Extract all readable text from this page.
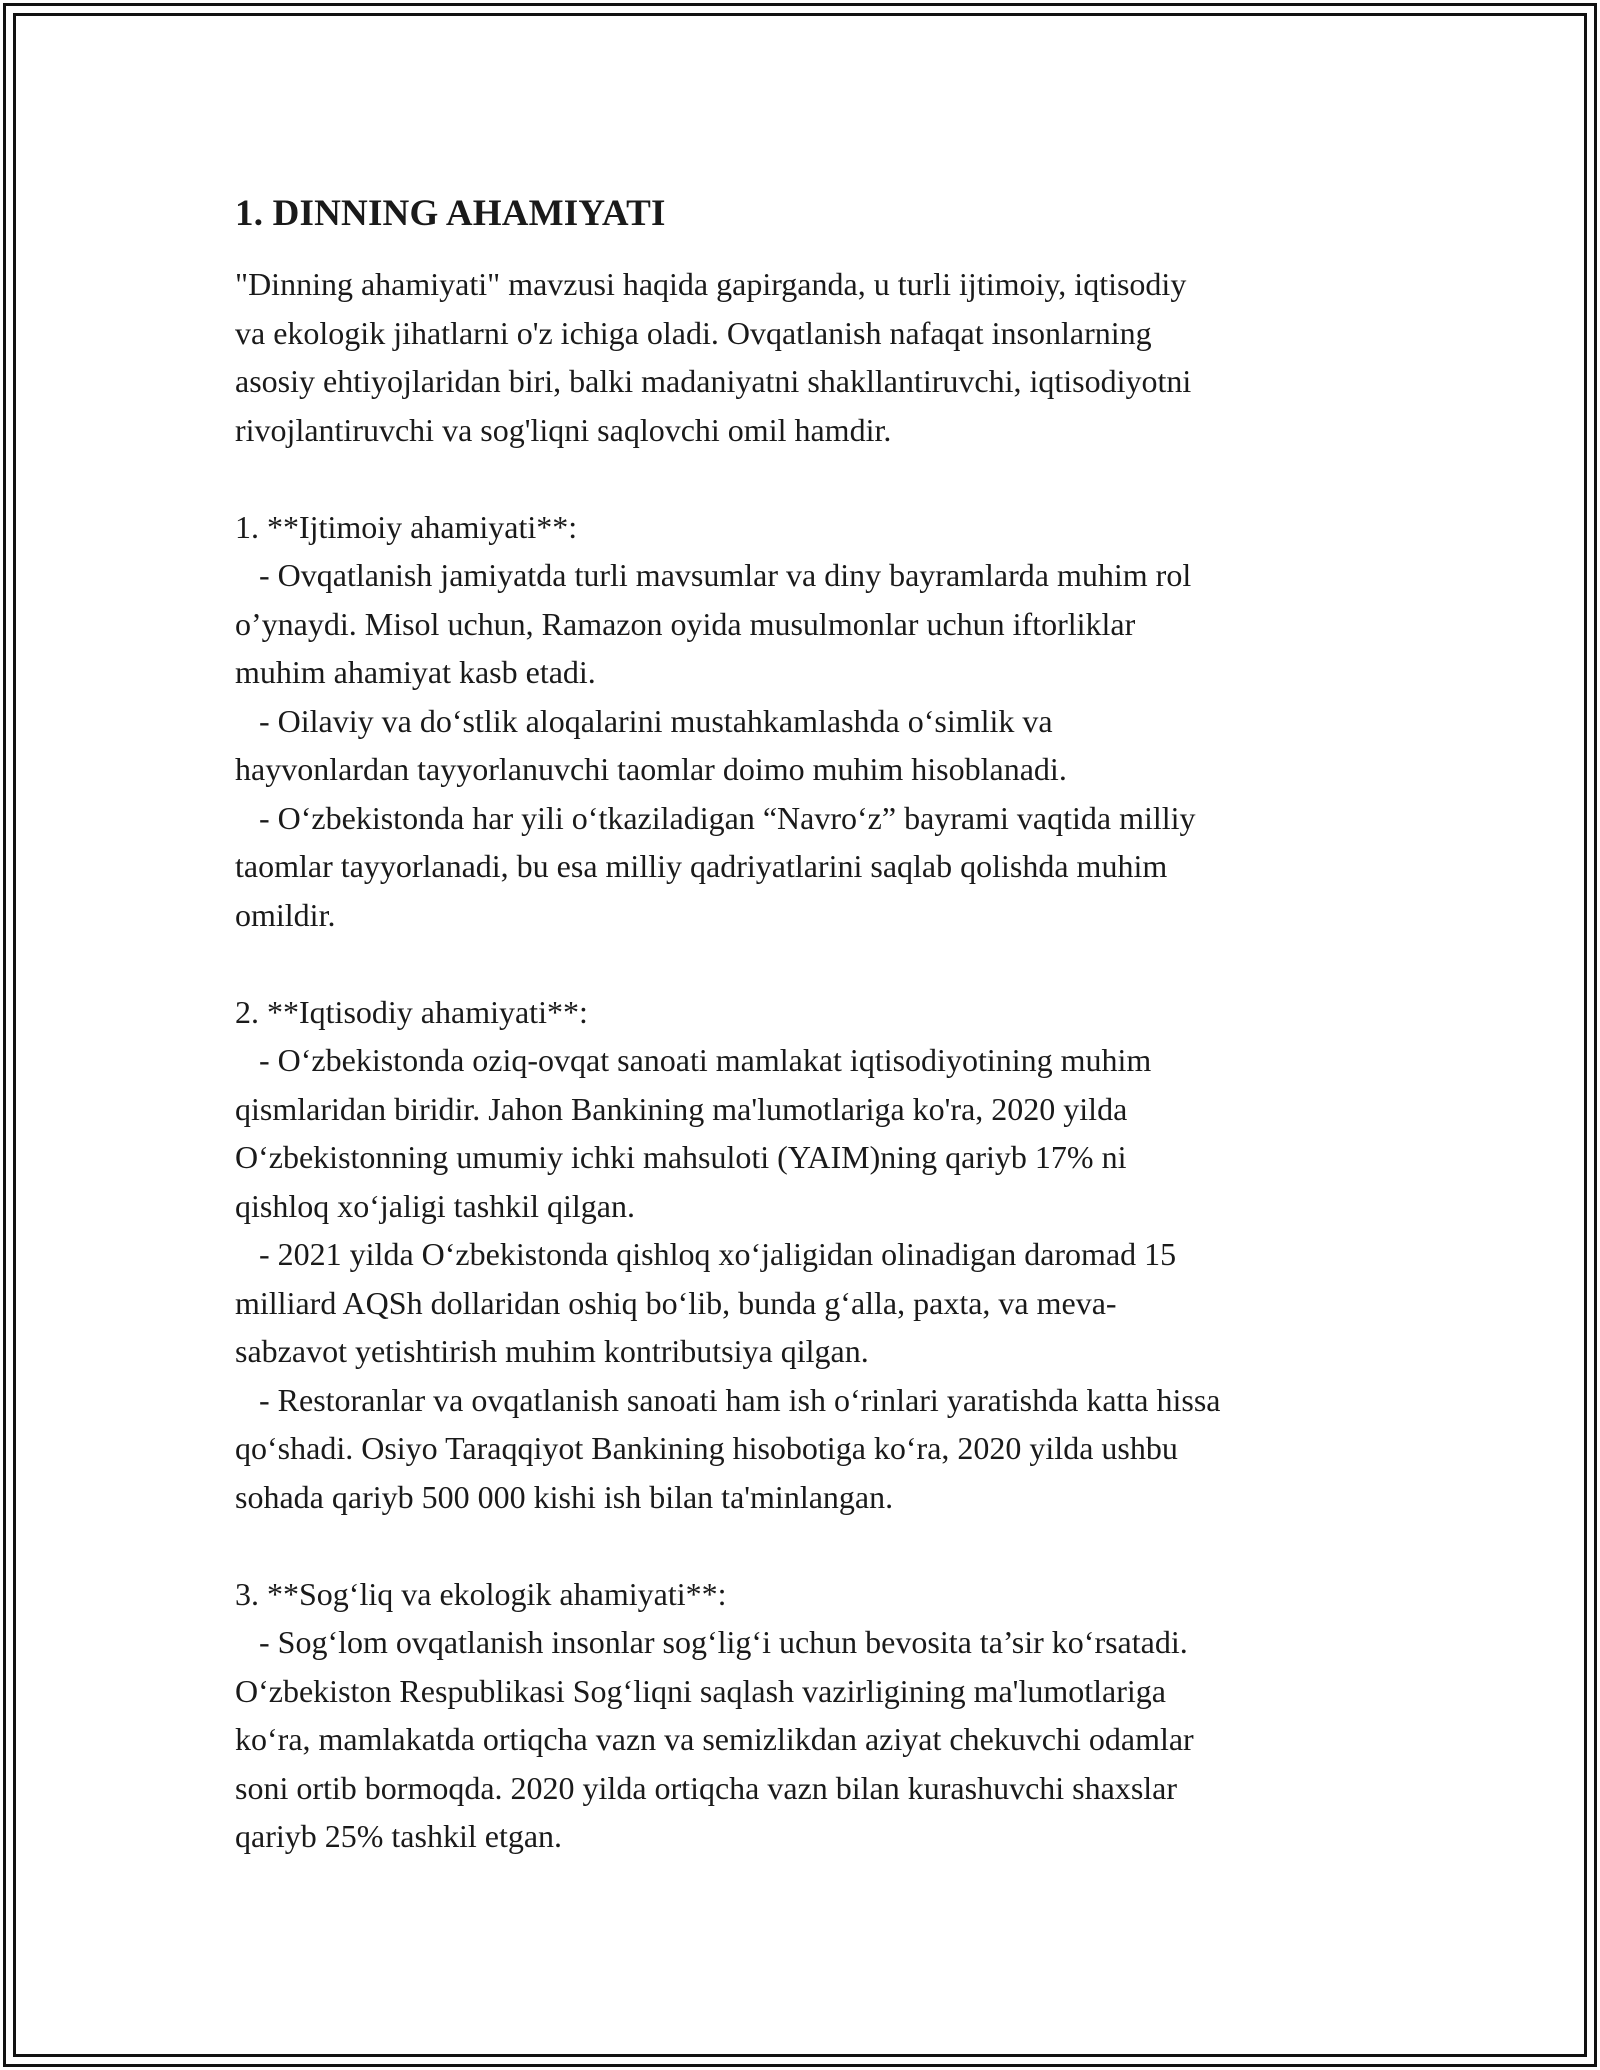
1. DINNING AHAMIYATI

"Dinning ahamiyati" mavzusi haqida gapirganda, u turli ijtimoiy, iqtisodiy
va ekologik jihatlarni o'z ichiga oladi. Ovqatlanish nafaqat insonlarning
asosiy ehtiyojlaridan biri, balki madaniyatni shakllantiruvchi, iqtisodiyotni
rivojlantiruvchi va sog'liqni saqlovchi omil hamdir.

1. **Ijtimoiy ahamiyati**:

- Ovqatlanish jamiyatda turli mavsumlar va diny bayramlarda muhim rol
o’ynaydi. Misol uchun, Ramazon oyida musulmonlar uchun iftorliklar
muhim ahamiyat kasb etadi.

- Oilaviy va do‘stlik aloqalarini mustahkamlashda o‘simlik va
hayvonlardan tayyorlanuvchi taomlar doimo muhim hisoblanadi.

- O‘zbekistonda har yili o‘tkaziladigan “Navro‘z” bayrami vaqtida milliy
taomlar tayyorlanadi, bu esa milliy qadriyatlarini saqlab qolishda muhim
omildir.

2. **Iqtisodiy ahamiyati**:

- O‘zbekistonda oziq-ovqat sanoati mamlakat iqtisodiyotining muhim
qismlaridan biridir. Jahon Bankining ma'lumotlariga ko'ra, 2020 yilda
O‘zbekistonning umumiy ichki mahsuloti (YAIM)ning qariyb 17% ni
qishloq xo‘jaligi tashkil qilgan.

- 2021 yilda O‘zbekistonda qishloq xo‘jaligidan olinadigan daromad 15
milliard AQSh dollaridan oshiq bo‘lib, bunda g‘alla, paxta, va meva-
sabzavot yetishtirish muhim kontributsiya qilgan.

- Restoranlar va ovqatlanish sanoati ham ish o‘rinlari yaratishda katta hissa
qo‘shadi. Osiyo Taraqqiyot Bankining hisobotiga ko‘ra, 2020 yilda ushbu
sohada qariyb 500 000 kishi ish bilan ta'minlangan.

3. **Sog‘liq va ekologik ahamiyati**:

- Sog‘lom ovqatlanish insonlar sog‘lig‘i uchun bevosita ta’sir ko‘rsatadi.
O‘zbekiston Respublikasi Sog‘liqni saqlash vazirligining ma'lumotlariga
ko‘ra, mamlakatda ortiqcha vazn va semizlikdan aziyat chekuvchi odamlar
soni ortib bormoqda. 2020 yilda ortiqcha vazn bilan kurashuvchi shaxslar
qariyb 25% tashkil etgan.
